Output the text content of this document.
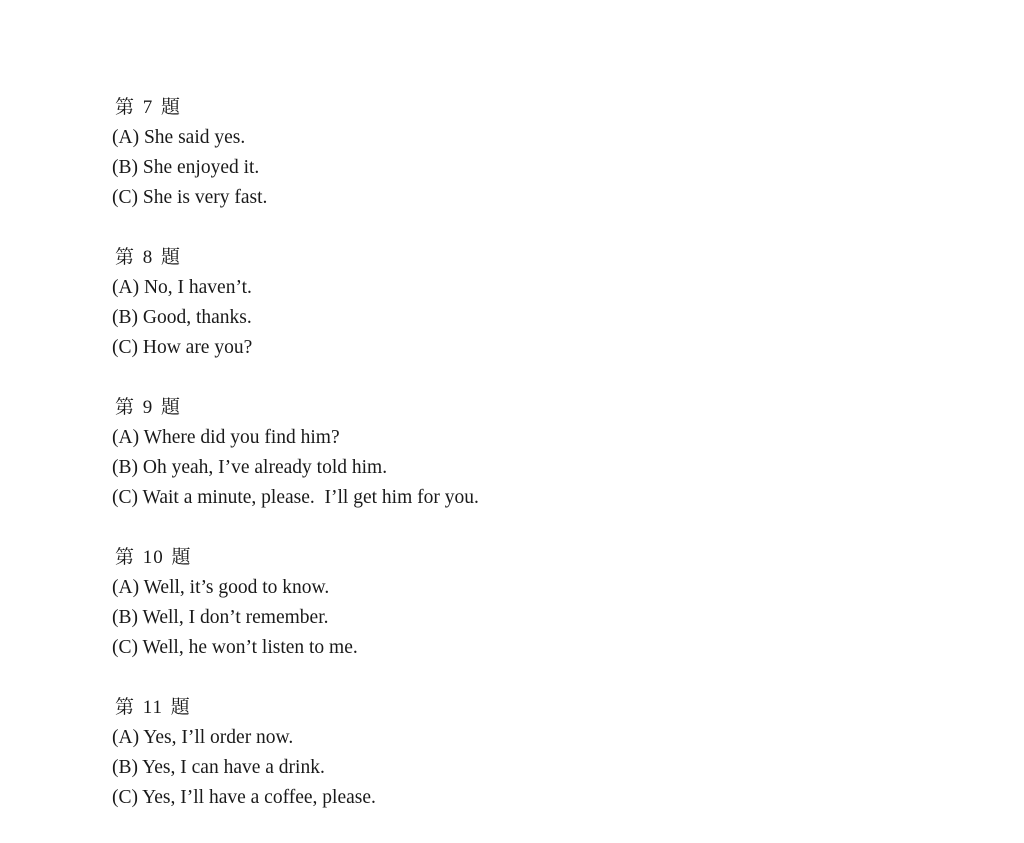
第 7 題
(A) She said yes.
(B) She enjoyed it.
(C) She is very fast.
第 8 題
(A) No, I haven’t.
(B) Good, thanks.
(C) How are you?
第 9 題
(A) Where did you find him?
(B) Oh yeah, I’ve already told him.
(C) Wait a minute, please.  I’ll get him for you.
第 10 題
(A) Well, it’s good to know.
(B) Well, I don’t remember.
(C) Well, he won’t listen to me.
第 11 題
(A) Yes, I’ll order now.
(B) Yes, I can have a drink.
(C) Yes, I’ll have a coffee, please.
